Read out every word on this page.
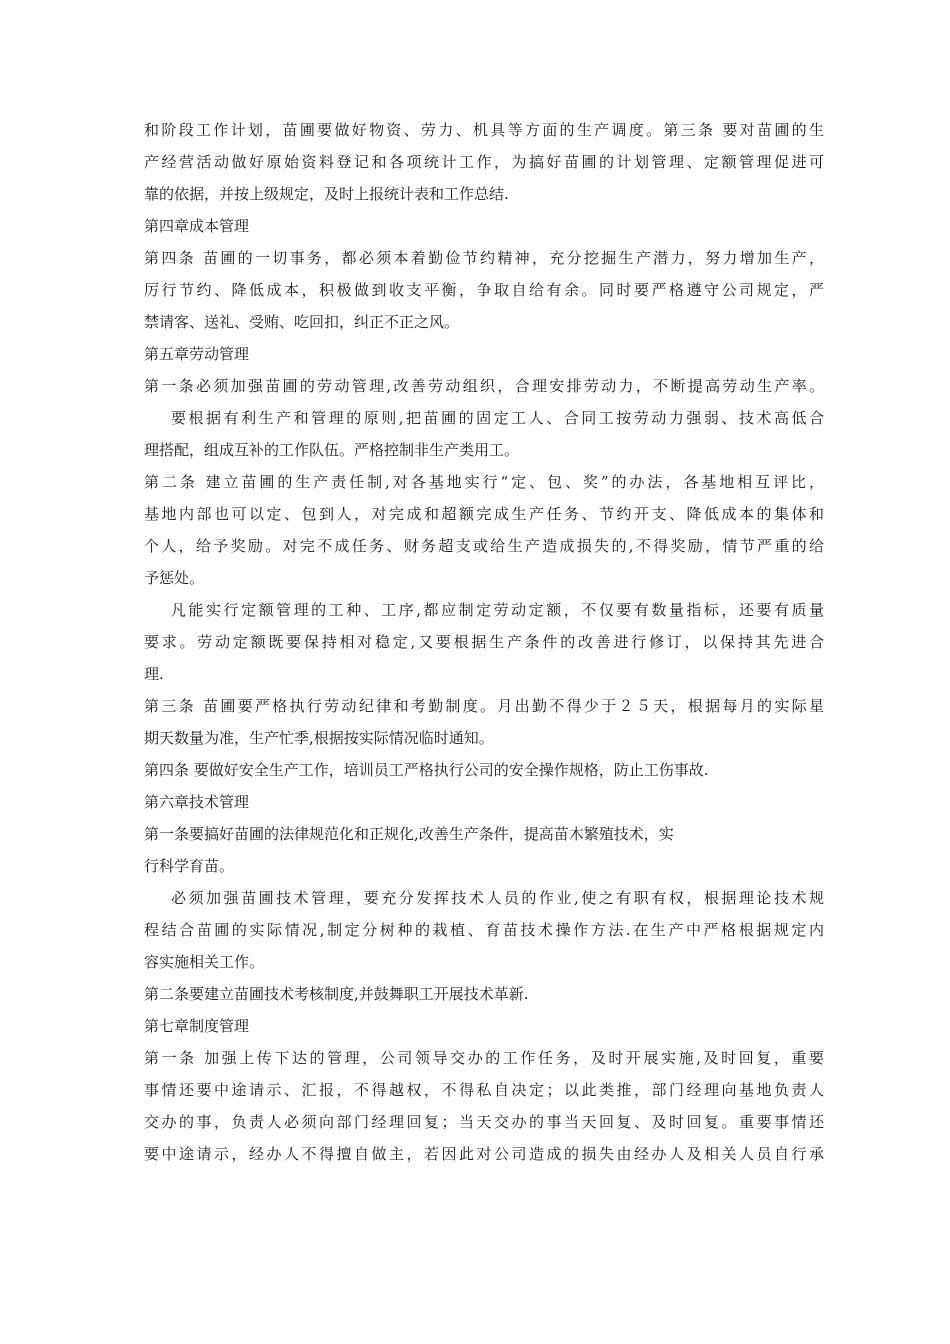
和阶段工作计划，苗圃要做好物资、劳力、机具等方面的生产调度。第三条 要对苗圃的生
产经营活动做好原始资料登记和各项统计工作，为搞好苗圃的计划管理、定额管理促进可
靠的依据，并按上级规定，及时上报统计表和工作总结.
第四章成本管理
第四条 苗圃的一切事务，都必须本着勤俭节约精神，充分挖掘生产潜力，努力增加生产，
厉行节约、降低成本，积极做到收支平衡，争取自给有余。同时要严格遵守公司规定，严
禁请客、送礼、受贿、吃回扣，纠正不正之风。
第五章劳动管理
第一条必须加强苗圃的劳动管理,改善劳动组织，合理安排劳动力，不断提高劳动生产率。
要根据有利生产和管理的原则,把苗圃的固定工人、合同工按劳动力强弱、技术高低合
理搭配，组成互补的工作队伍。严格控制非生产类用工。
第二条 建立苗圃的生产责任制,对各基地实行“定、包、奖”的办法，各基地相互评比，
基地内部也可以定、包到人，对完成和超额完成生产任务、节约开支、降低成本的集体和
个人，给予奖励。对完不成任务、财务超支或给生产造成损失的,不得奖励，情节严重的给
予惩处。
凡能实行定额管理的工种、工序,都应制定劳动定额，不仅要有数量指标，还要有质量
要求。劳动定额既要保持相对稳定,又要根据生产条件的改善进行修订，以保持其先进合
理.
第三条 苗圃要严格执行劳动纪律和考勤制度。月出勤不得少于２５天，根据每月的实际星
期天数量为准，生产忙季,根据按实际情况临时通知。
第四条 要做好安全生产工作，培训员工严格执行公司的安全操作规格，防止工伤事故.
第六章技术管理
第一条要搞好苗圃的法律规范化和正规化,改善生产条件，提高苗木繁殖技术，实
行科学育苗。
必须加强苗圃技术管理，要充分发挥技术人员的作业,使之有职有权，根据理论技术规
程结合苗圃的实际情况,制定分树种的栽植、育苗技术操作方法.在生产中严格根据规定内
容实施相关工作。
第二条要建立苗圃技术考核制度,并鼓舞职工开展技术革新.
第七章制度管理
第一条 加强上传下达的管理，公司领导交办的工作任务，及时开展实施,及时回复，重要
事情还要中途请示、汇报，不得越权，不得私自决定；以此类推，部门经理向基地负责人
交办的事，负责人必须向部门经理回复；当天交办的事当天回复、及时回复。重要事情还
要中途请示，经办人不得擅自做主，若因此对公司造成的损失由经办人及相关人员自行承
